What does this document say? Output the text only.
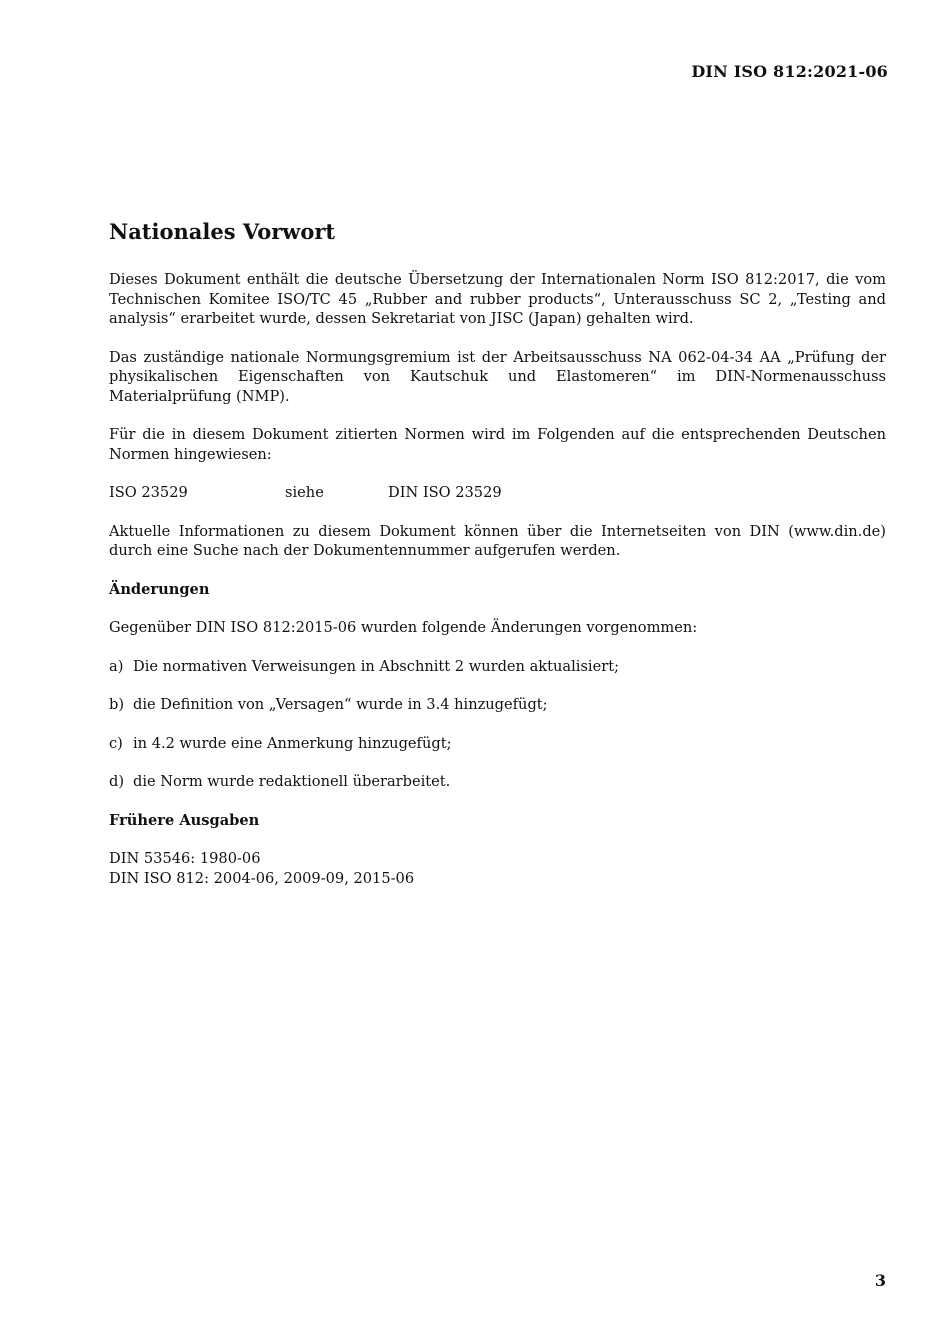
DIN ISO 812:2021-06
Nationales Vorwort

Dieses Dokument enthält die deutsche Übersetzung der Internationalen Norm ISO 812:2017, die vom Technischen Komitee ISO/TC 45 „Rubber and rubber products“, Unterausschuss SC 2, „Testing and analysis“ erarbeitet wurde, dessen Sekretariat von JISC (Japan) gehalten wird.

Das zuständige nationale Normungsgremium ist der Arbeitsausschuss NA 062-04-34 AA „Prüfung der physikalischen Eigenschaften von Kautschuk und Elastomeren“ im DIN-Normenausschuss Materialprüfung (NMP).

Für die in diesem Dokument zitierten Normen wird im Folgenden auf die entsprechenden Deutschen Normen hingewiesen:

ISO 23529	siehe	DIN ISO 23529

Aktuelle Informationen zu diesem Dokument können über die Internetseiten von DIN (www.din.de) durch eine Suche nach der Dokumentennummer aufgerufen werden.

Änderungen

Gegenüber DIN ISO 812:2015-06 wurden folgende Änderungen vorgenommen:

a) Die normativen Verweisungen in Abschnitt 2 wurden aktualisiert;
b) die Definition von „Versagen“ wurde in 3.4 hinzugefügt;
c) in 4.2 wurde eine Anmerkung hinzugefügt;
d) die Norm wurde redaktionell überarbeitet.
Frühere Ausgaben
DIN 53546: 1980-06
DIN ISO 812: 2004-06, 2009-09, 2015-06
3
